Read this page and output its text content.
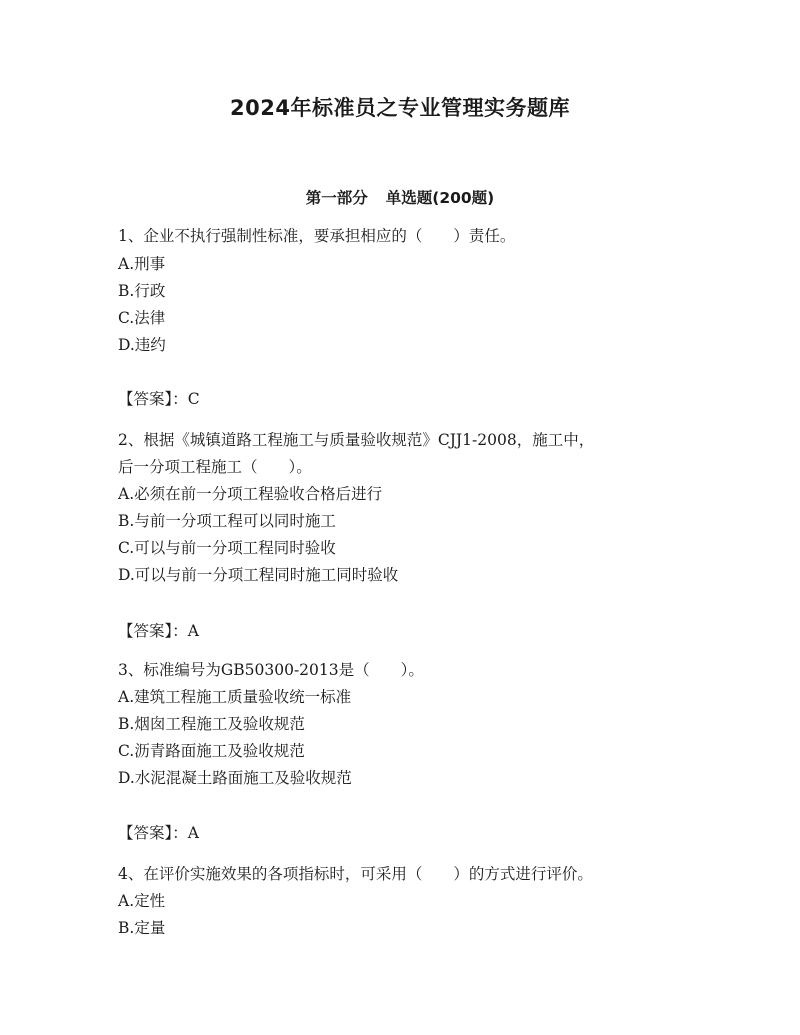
2024年标准员之专业管理实务题库
第一部分 单选题(200题)
1、企业不执行强制性标准，要承担相应的（　　）责任。
A.刑事
B.行政
C.法律
D.违约
【答案】：C
2、根据《城镇道路工程施工与质量验收规范》CJJ1-2008，施工中，
后一分项工程施工（　　）。
A.必须在前一分项工程验收合格后进行
B.与前一分项工程可以同时施工
C.可以与前一分项工程同时验收
D.可以与前一分项工程同时施工同时验收
【答案】：A
3、标准编号为GB50300-2013是（　　）。
A.建筑工程施工质量验收统一标准
B.烟囱工程施工及验收规范
C.沥青路面施工及验收规范
D.水泥混凝土路面施工及验收规范
【答案】：A
4、在评价实施效果的各项指标时，可采用（　　）的方式进行评价。
A.定性
B.定量
